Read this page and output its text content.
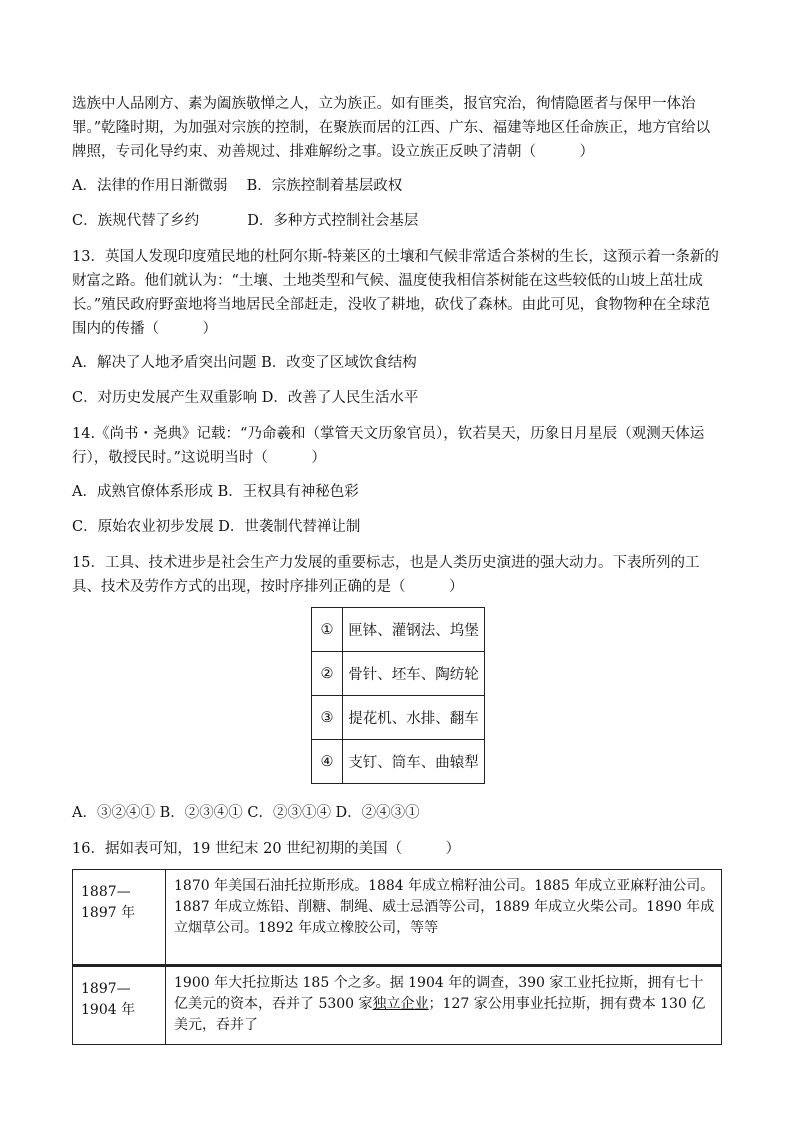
选族中人品刚方、素为阖族敬惮之人，立为族正。如有匪类，报官究治，徇情隐匿者与保甲一体治罪。”乾隆时期，为加强对宗族的控制，在聚族而居的江西、广东、福建等地区任命族正，地方官给以牌照，专司化导约束、劝善规过、排难解纷之事。设立族正反映了清朝（　　　）

A．法律的作用日渐微弱　 B．宗族控制着基层政权

C．族规代替了乡约　　　 D．多种方式控制社会基层

13．英国人发现印度殖民地的杜阿尔斯-特莱区的土壤和气候非常适合茶树的生长，这预示着一条新的财富之路。他们就认为：“土壤、土地类型和气候、温度使我相信茶树能在这些较低的山坡上茁壮成长。”殖民政府野蛮地将当地居民全部赶走，没收了耕地，砍伐了森林。由此可见，食物物种在全球范围内的传播（　　　）

A．解决了人地矛盾突出问题 B．改变了区域饮食结构

C．对历史发展产生双重影响 D．改善了人民生活水平

14.《尚书・尧典》记载：“乃命羲和（掌管天文历象官员），钦若昊天，历象日月星辰（观测天体运行），敬授民时。”这说明当时（　　　）

A．成熟官僚体系形成 B．王权具有神秘色彩

C．原始农业初步发展 D．世袭制代替禅让制

15．工具、技术进步是社会生产力发展的重要标志，也是人类历史演进的强大动力。下表所列的工具、技术及劳作方式的出现，按时序排列正确的是（　　　）

①	匣钵、灌钢法、坞堡
②	骨针、坯车、陶纺轮
③	提花机、水排、翻车
④	支钉、筒车、曲辕犁

A．③②④① B．②③④① C．②③①④ D．②④③①

16．据如表可知，19 世纪末 20 世纪初期的美国（　　　）

1887—
1897 年	1870 年美国石油托拉斯形成。1884 年成立棉籽油公司。1885 年成立亚麻籽油公司。1887 年成立炼铅、削糖、制绳、威士忌酒等公司，1889 年成立火柴公司。1890 年成立烟草公司。1892 年成立橡胶公司，等等
1897—
1904 年	1900 年大托拉斯达 185 个之多。据 1904 年的调查，390 家工业托拉斯，拥有七十亿美元的资本，吞并了 5300 家独立企业；127 家公用事业托拉斯，拥有费本 130 亿美元，吞并了
